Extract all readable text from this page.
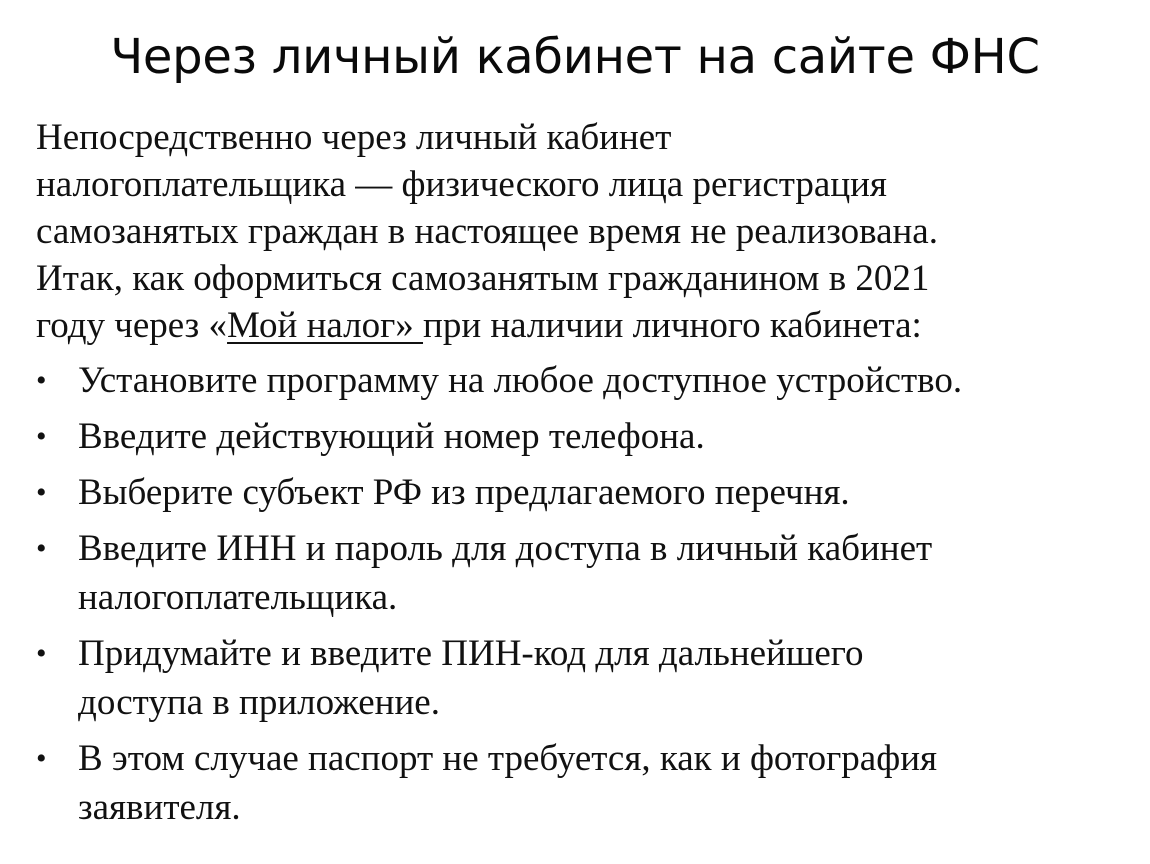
Через личный кабинет на сайте ФНС
Непосредственно через личный кабинет
налогоплательщика — физического лица регистрация
самозанятых граждан в настоящее время не реализована.
Итак, как оформиться самозанятым гражданином в 2021
году через «Мой налог» при наличии личного кабинета:
• Установите программу на любое доступное устройство.
• Введите действующий номер телефона.
• Выберите субъект РФ из предлагаемого перечня.
• Введите ИНН и пароль для доступа в личный кабинет
налогоплательщика.
• Придумайте и введите ПИН-код для дальнейшего
доступа в приложение.
• В этом случае паспорт не требуется, как и фотография
заявителя.
